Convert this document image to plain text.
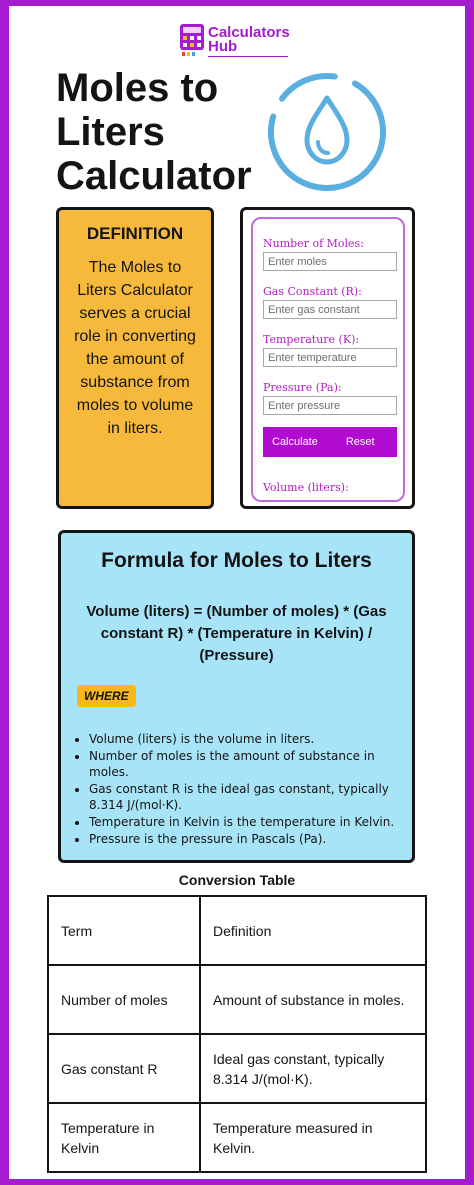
Calculators
Hub
Moles to
Liters
Calculator
DEFINITION

The Moles to Liters Calculator serves a crucial role in converting the amount of substance from moles to volume in liters.

Number of Moles:
Enter moles
Gas Constant (R):
Enter gas constant
Temperature (K):
Enter temperature
Pressure (Pa):
Enter pressure
Calculate	Reset
Volume (liters):
Formula for Moles to Liters

Volume (liters) = (Number of moles) * (Gas constant R) * (Temperature in Kelvin) / (Pressure)

WHERE
• Volume (liters) is the volume in liters.
• Number of moles is the amount of substance in moles.
• Gas constant R is the ideal gas constant, typically 8.314 J/(mol·K).
• Temperature in Kelvin is the temperature in Kelvin.
• Pressure is the pressure in Pascals (Pa).
Conversion Table
Term	Definition
Number of moles	Amount of substance in moles.
Gas constant R	Ideal gas constant, typically 8.314 J/(mol·K).
Temperature in Kelvin	Temperature measured in Kelvin.
